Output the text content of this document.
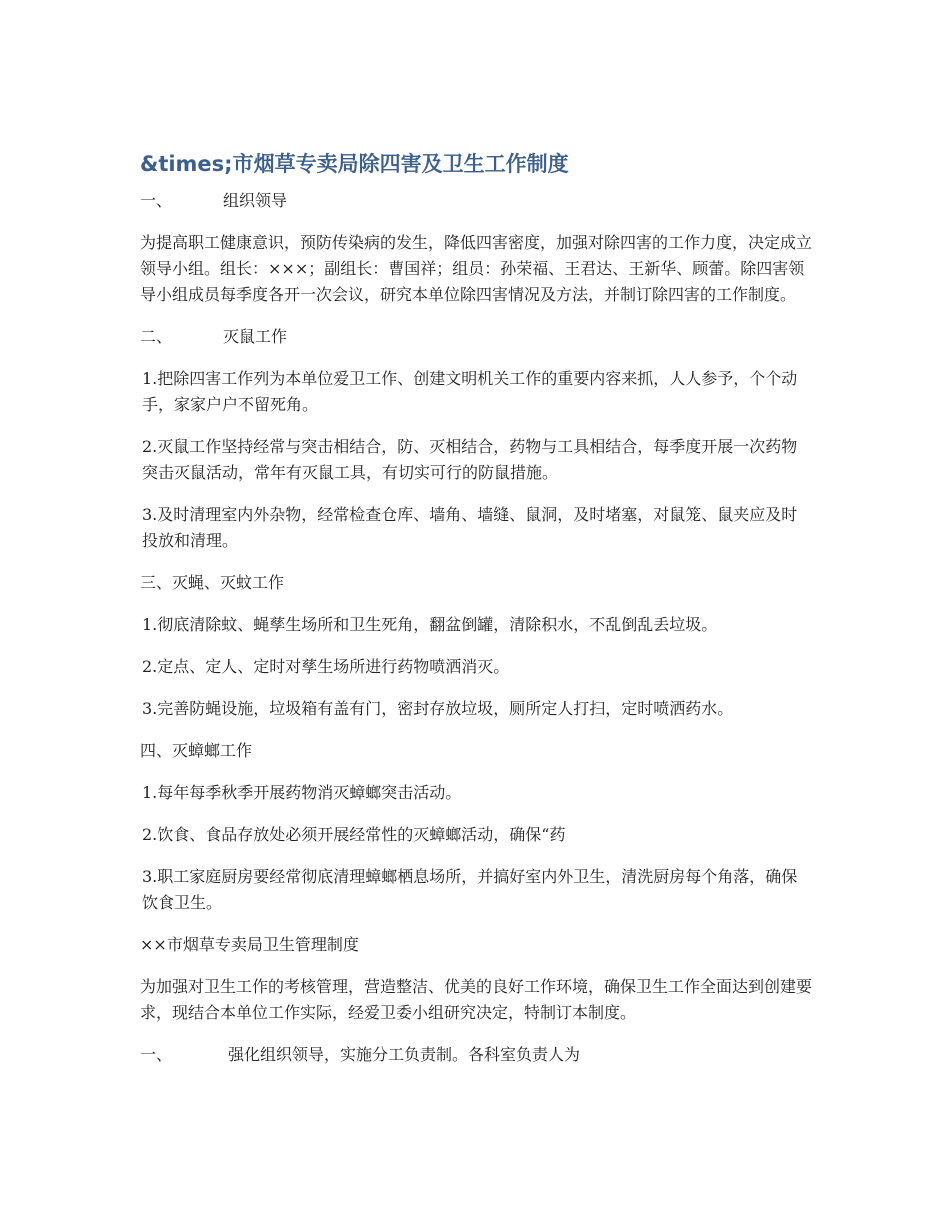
&times;市烟草专卖局除四害及卫生工作制度

一、	组织领导

为提高职工健康意识，预防传染病的发生，降低四害密度，加强对除四害的工作力度，决定成立领导小组。组长：×××；副组长：曹国祥；组员：孙荣福、王君达、王新华、顾蕾。除四害领导小组成员每季度各开一次会议，研究本单位除四害情况及方法，并制订除四害的工作制度。

二、	灭鼠工作

1.把除四害工作列为本单位爱卫工作、创建文明机关工作的重要内容来抓，人人参予，个个动手，家家户户不留死角。

2.灭鼠工作坚持经常与突击相结合，防、灭相结合，药物与工具相结合，每季度开展一次药物突击灭鼠活动，常年有灭鼠工具，有切实可行的防鼠措施。

3.及时清理室内外杂物，经常检查仓库、墙角、墙缝、鼠洞，及时堵塞，对鼠笼、鼠夹应及时投放和清理。

三、灭蝇、灭蚊工作

1.彻底清除蚊、蝇孳生场所和卫生死角，翻盆倒罐，清除积水，不乱倒乱丢垃圾。

2.定点、定人、定时对孳生场所进行药物喷洒消灭。

3.完善防蝇设施，垃圾箱有盖有门，密封存放垃圾，厕所定人打扫，定时喷洒药水。

四、灭蟑螂工作

1.每年每季秋季开展药物消灭蟑螂突击活动。

2.饮食、食品存放处必须开展经常性的灭蟑螂活动，确保“药

3.职工家庭厨房要经常彻底清理蟑螂栖息场所，并搞好室内外卫生，清洗厨房每个角落，确保饮食卫生。

××市烟草专卖局卫生管理制度

为加强对卫生工作的考核管理，营造整洁、优美的良好工作环境，确保卫生工作全面达到创建要求，现结合本单位工作实际，经爱卫委小组研究决定，特制订本制度。

一、	强化组织领导，实施分工负责制。各科室负责人为
